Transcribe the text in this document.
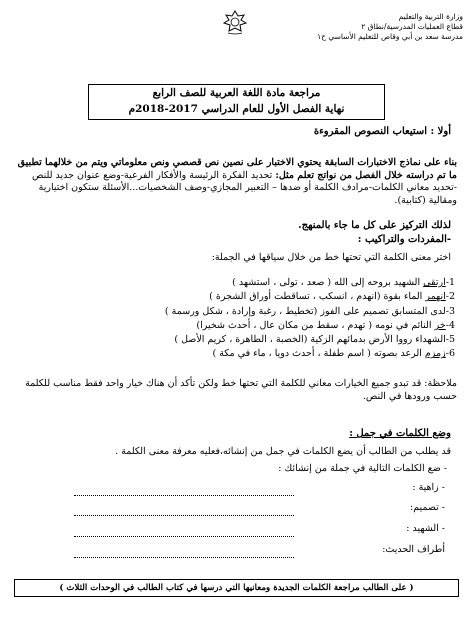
وزارة التربية والتعليم
قطاع العمليات المدرسية/نطاق ٢
مدرسة سعد بن أبي وقاص للتعليم الأساسي ح١
مراجعة مادة اللغة العربية للصف الرابع
نهاية الفصل الأول للعام الدراسي 2017-2018م
أولا : استيعاب النصوص المقروءة
بناء على نماذج الاختبارات السابقة يحتوي الاختبار على نصين نص قصصي ونص معلوماتي ويتم من خلالهما تطبيق ما تم دراسته خلال الفصل من نواتج تعلم مثل: تحديد الفكرة الرئيسة والأفكار الفرعية-وضع عنوان جديد للنص -تحديد معاني الكلمات-مرادف الكلمة أو ضدها – التعبير المجازي-وصف الشخصيات...الأسئلة ستكون اختيارية ومقالية (كتابية).
لذلك التركيز على كل ما جاء بالمنهج.
-المفردات والتراكيب :
اختر معنى الكلمة التي تحتها خط من خلال سياقها في الجملة:
1-ارتقى الشهيد بروحه إلى الله ( صعد ، تولى ، استشهد )
2-انهمر الماء بقوة (انهدم ، انسكب ، تساقطت أوراق الشجرة )
3-لدى المتسابق تصميم على الفوز (تخطيط ، رغبة وإرادة ، شكل ورسمة )
4-خر النائم في نومه ( تهدم ، سقط من مكان عال ، أحدث شخيرا)
5-الشهداء رووا الأرض بدمائهم الزكية (الخصبة ، الطاهرة ، كريم الأصل )
6-زمزم الرعد بصوته ( اسم طفلة ، أحدث دويا ، ماء في مكة )
ملاحظة: قد تبدو جميع الخيارات معاني للكلمة التي تحتها خط ولكن تأكد أن هناك خيار واحد فقط مناسب للكلمة حسب ورودها في النص.
وضع الكلمات في جمل :
قد يطلب من الطالب أن يضع الكلمات في جمل من إنشائه،فعليه معرفة معنى الكلمة .
- ضع الكلمات التالية في جملة من إنشائك :
- زاهية :
- تصميم:
- الشهيد :
أطراف الحديث:
( على الطالب مراجعة الكلمات الجديدة ومعانيها التي درسها في كتاب الطالب في الوحدات الثلاث )
